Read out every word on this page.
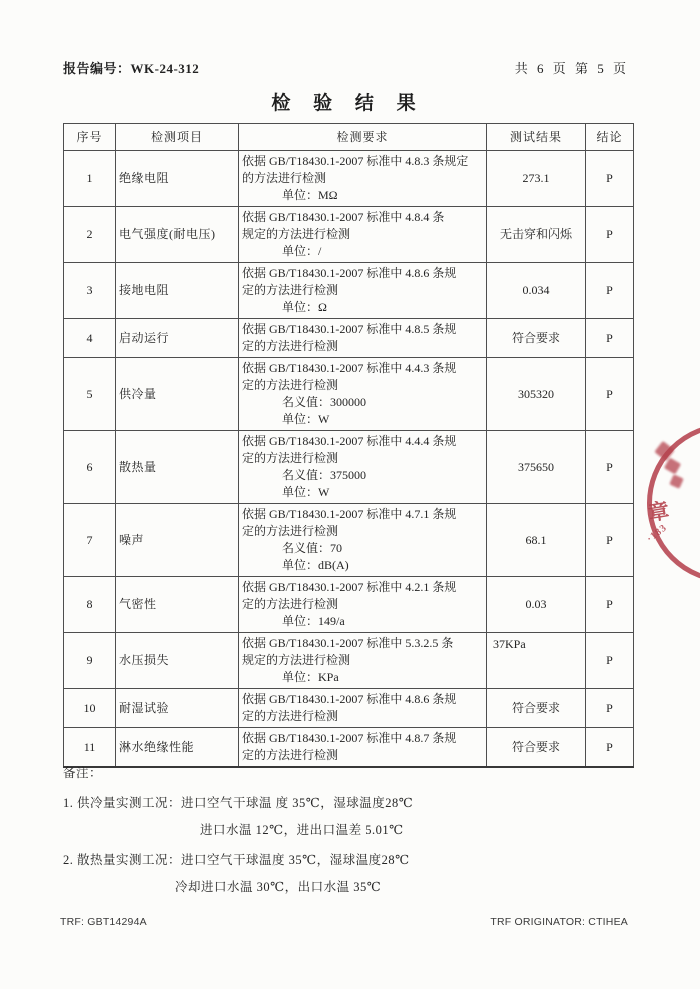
报告编号：WK-24-312	共 6 页 第 5 页
检 验 结 果
序号	检测项目	检测要求	测试结果	结论
1	绝缘电阻	依据 GB/T18430.1-2007 标准中 4.8.3 条规定
的方法进行检测
单位：MΩ	273.1	P
2	电气强度(耐电压)	依据 GB/T18430.1-2007 标准中 4.8.4 条
规定的方法进行检测
单位：/	无击穿和闪烁	P
3	接地电阻	依据 GB/T18430.1-2007 标准中 4.8.6 条规
定的方法进行检测
单位：Ω	0.034	P
4	启动运行	依据 GB/T18430.1-2007 标准中 4.8.5 条规
定的方法进行检测	符合要求	P
5	供冷量	依据 GB/T18430.1-2007 标准中 4.4.3 条规
定的方法进行检测
名义值：300000
单位：W	305320	P
6	散热量	依据 GB/T18430.1-2007 标准中 4.4.4 条规
定的方法进行检测
名义值：375000
单位：W	375650	P
7	噪声	依据 GB/T18430.1-2007 标准中 4.7.1 条规
定的方法进行检测
名义值：70
单位：dB(A)	68.1	P
8	气密性	依据 GB/T18430.1-2007 标准中 4.2.1 条规
定的方法进行检测
单位：149/a	0.03	P
9	水压损失	依据 GB/T18430.1-2007 标准中 5.3.2.5 条
规定的方法进行检测
单位：KPa	37KPa	P
10	耐湿试验	依据 GB/T18430.1-2007 标准中 4.8.6 条规
定的方法进行检测	符合要求	P
11	淋水绝缘性能	依据 GB/T18430.1-2007 标准中 4.8.7 条规
定的方法进行检测	符合要求	P
备注：
1. 供冷量实测工况：进口空气干球温 度 35℃，湿球温度28℃
进口水温 12℃，进出口温差 5.01℃
2. 散热量实测工况：进口空气干球温度 35℃，湿球温度28℃
冷却进口水温 30℃，出口水温 35℃
TRF: GBT14294A	TRF ORIGINATOR: CTIHEA
章
·183
